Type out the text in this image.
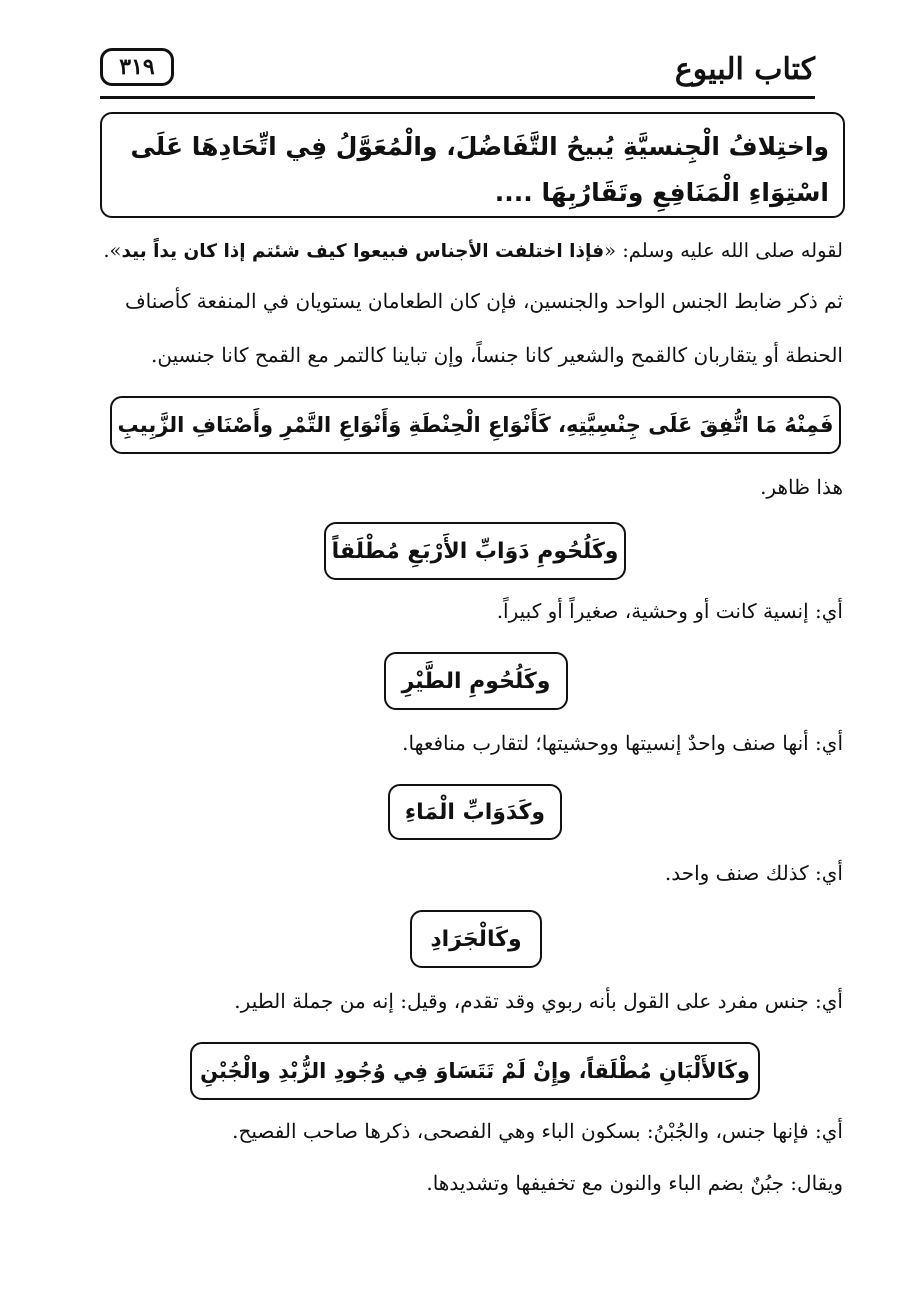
كتاب البيوع
٣١٩
واختِلافُ الْجِنسيَّةِ يُبيحُ التَّفَاضُلَ، والْمُعَوَّلُ فِي اتِّحَادِهَا عَلَى
اسْتِوَاءِ الْمَنَافِعِ وتَقَارُبِهَا ....
لقوله صلى الله عليه وسلم: «فإذا اختلفت الأجناس فبيعوا كيف شئتم إذا كان يداً بيد».
ثم ذكر ضابط الجنس الواحد والجنسين، فإن كان الطعامان يستويان في المنفعة كأصناف
الحنطة أو يتقاربان كالقمح والشعير كانا جنساً، وإن تباينا كالتمر مع القمح كانا جنسين.
فَمِنْهُ مَا اتُّفِقَ عَلَى جِنْسِيَّتِهِ، كَأَنْوَاعِ الْحِنْطَةِ وَأَنْوَاعِ التَّمْرِ وأَصْنَافِ الزَّبِيبِ
هذا ظاهر.
وكَلُحُومِ دَوَابِّ الأَرْبَعِ مُطْلَقاً
أي: إنسية كانت أو وحشية، صغيراً أو كبيراً.
وكَلُحُومِ الطَّيْرِ
أي: أنها صنف واحدٌ إنسيتها ووحشيتها؛ لتقارب منافعها.
وكَدَوَابِّ الْمَاءِ
أي: كذلك صنف واحد.
وكَالْجَرَادِ
أي: جنس مفرد على القول بأنه ربوي وقد تقدم، وقيل: إنه من جملة الطير.
وكَالأَلْبَانِ مُطْلَقاً، وإِنْ لَمْ تَتَسَاوَ فِي وُجُودِ الزُّبْدِ والْجُبْنِ
أي: فإنها جنس، والجُبْنُ: بسكون الباء وهي الفصحى، ذكرها صاحب الفصيح.
ويقال: جبُنٌ بضم الباء والنون مع تخفيفها وتشديدها.
